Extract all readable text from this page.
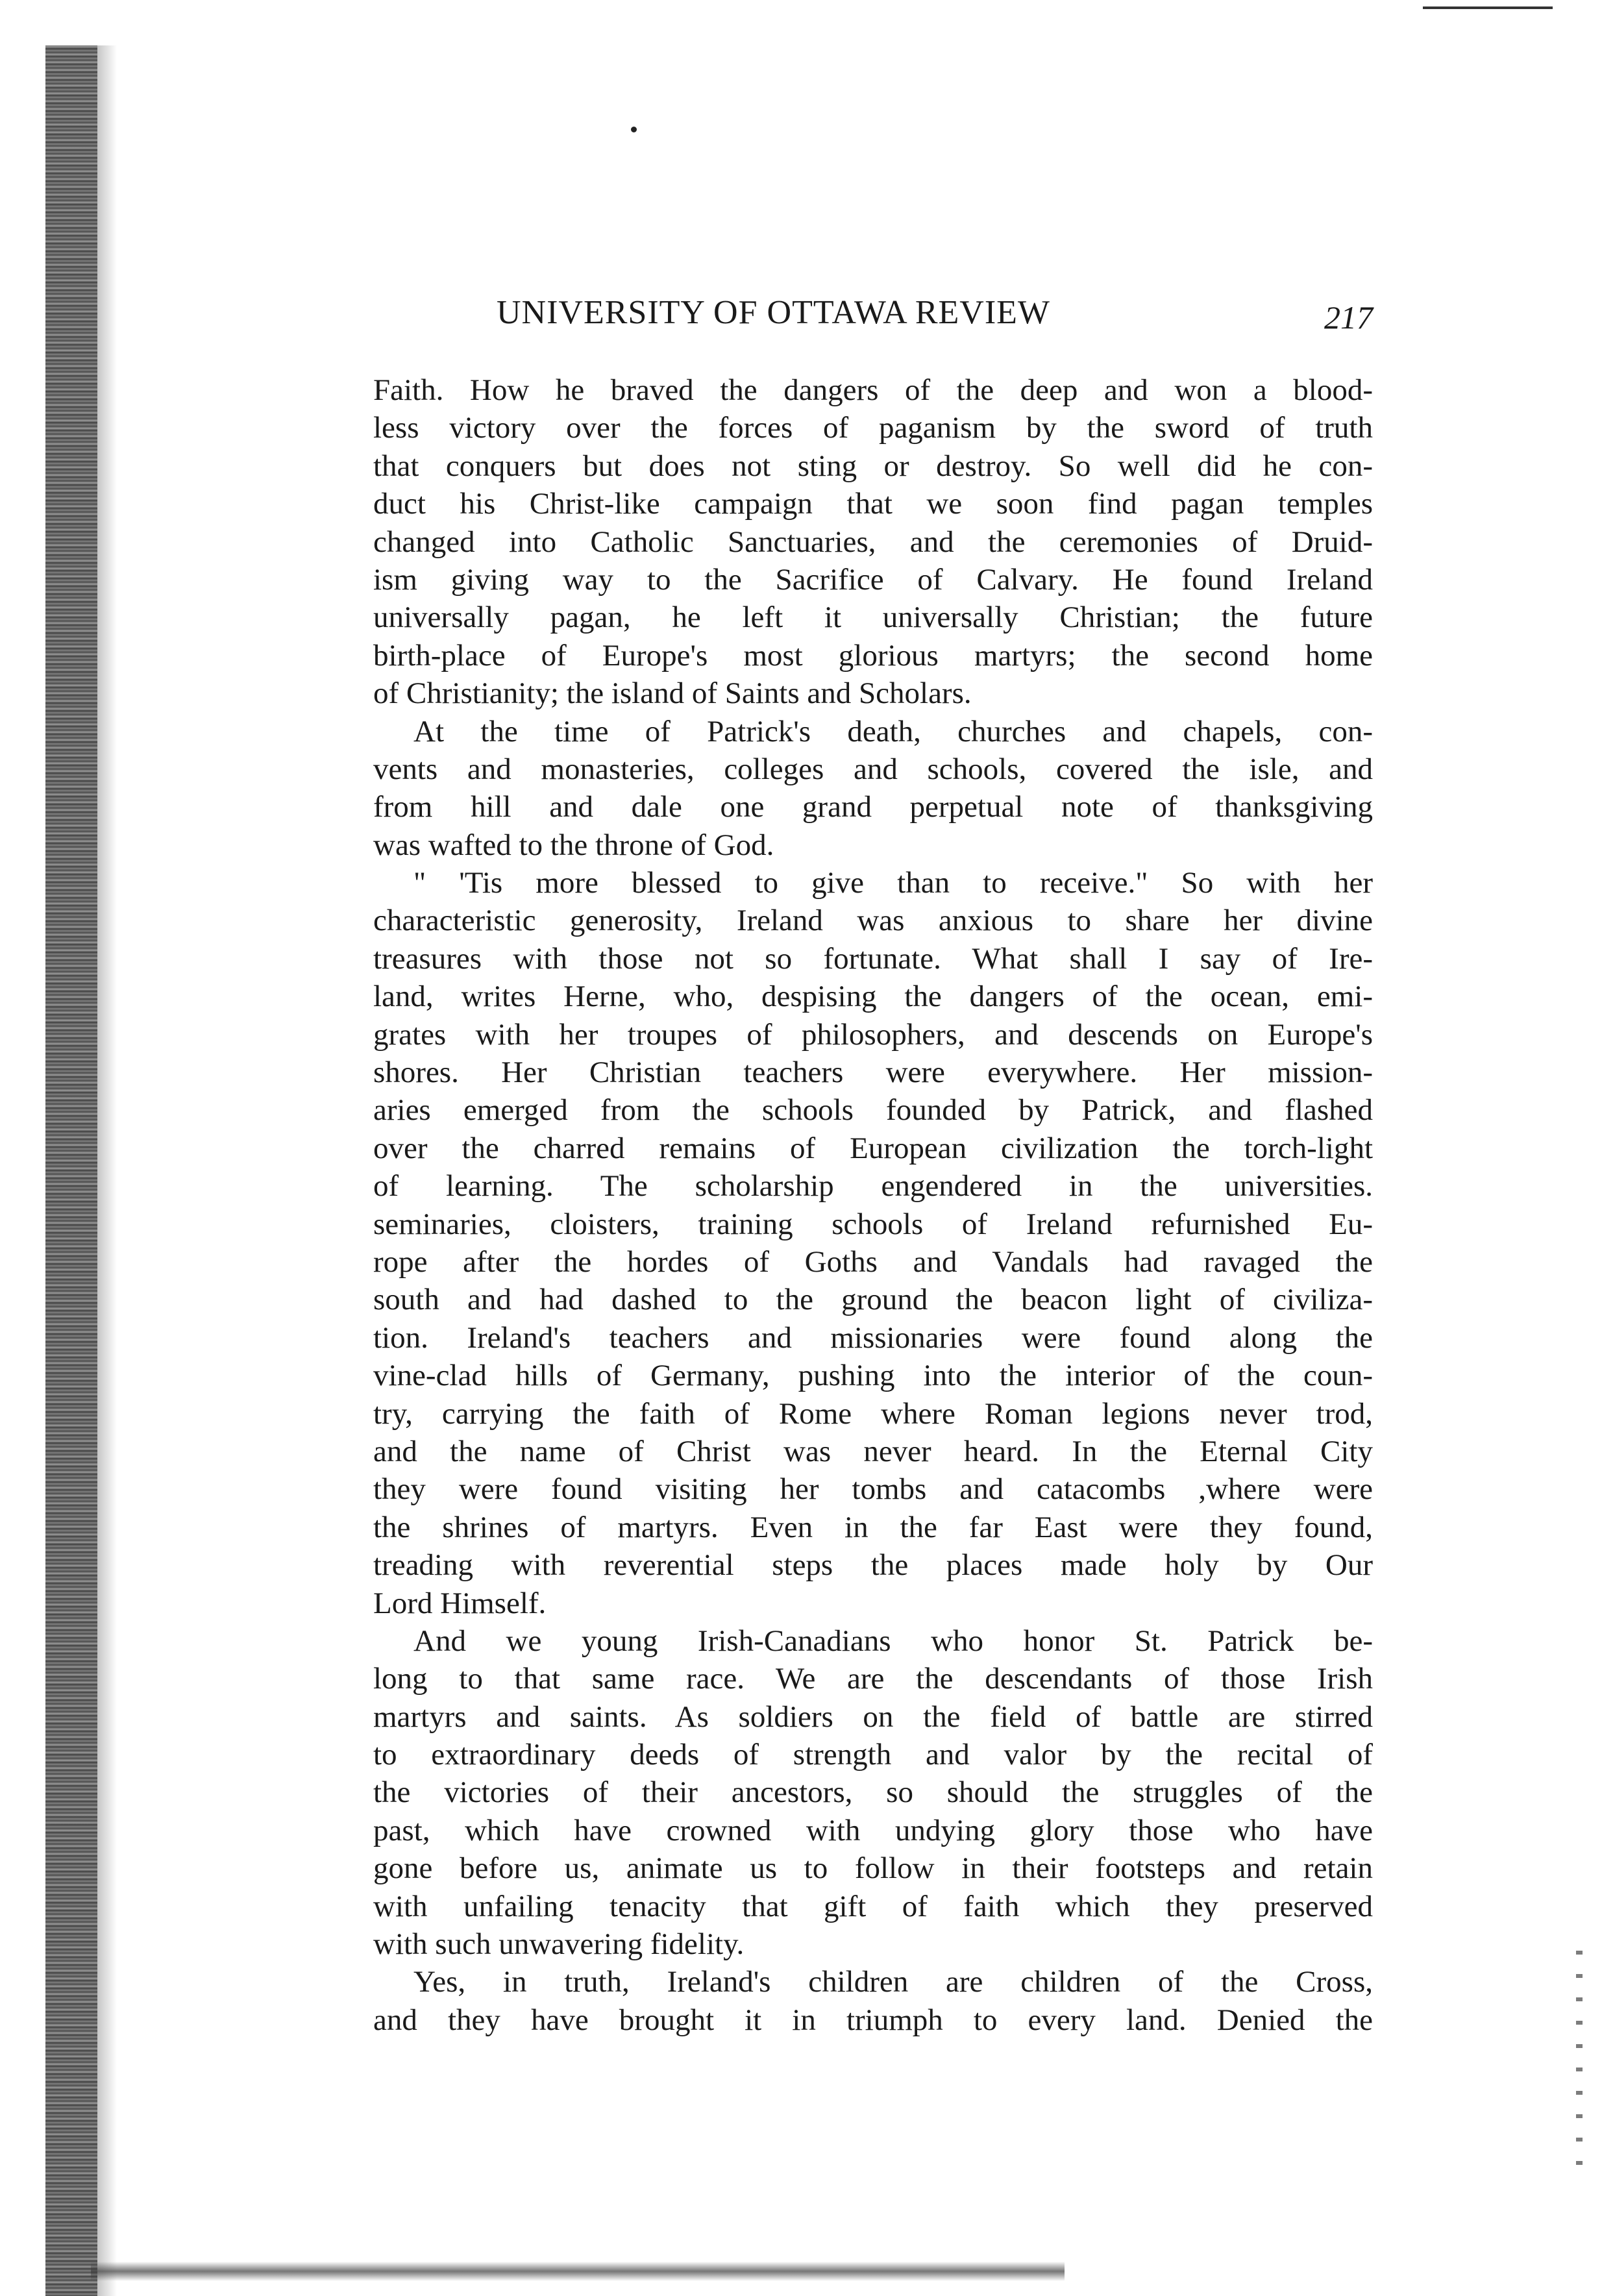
UNIVERSITY OF OTTAWA REVIEW	217
Faith. How he braved the dangers of the deep and won a blood-
less victory over the forces of paganism by the sword of truth
that conquers but does not sting or destroy. So well did he con-
duct his Christ-like campaign that we soon find pagan temples
changed into Catholic Sanctuaries, and the ceremonies of Druid-
ism giving way to the Sacrifice of Calvary. He found Ireland
universally pagan, he left it universally Christian; the future
birth-place of Europe's most glorious martyrs; the second home
of Christianity; the island of Saints and Scholars.
At the time of Patrick's death, churches and chapels, con-
vents and monasteries, colleges and schools, covered the isle, and
from hill and dale one grand perpetual note of thanksgiving
was wafted to the throne of God.
" 'Tis more blessed to give than to receive." So with her
characteristic generosity, Ireland was anxious to share her divine
treasures with those not so fortunate. What shall I say of Ire-
land, writes Herne, who, despising the dangers of the ocean, emi-
grates with her troupes of philosophers, and descends on Europe's
shores. Her Christian teachers were everywhere. Her mission-
aries emerged from the schools founded by Patrick, and flashed
over the charred remains of European civilization the torch-light
of learning. The scholarship engendered in the universities.
seminaries, cloisters, training schools of Ireland refurnished Eu-
rope after the hordes of Goths and Vandals had ravaged the
south and had dashed to the ground the beacon light of civiliza-
tion. Ireland's teachers and missionaries were found along the
vine-clad hills of Germany, pushing into the interior of the coun-
try, carrying the faith of Rome where Roman legions never trod,
and the name of Christ was never heard. In the Eternal City
they were found visiting her tombs and catacombs ,where were
the shrines of martyrs. Even in the far East were they found,
treading with reverential steps the places made holy by Our
Lord Himself.
And we young Irish-Canadians who honor St. Patrick be-
long to that same race. We are the descendants of those Irish
martyrs and saints. As soldiers on the field of battle are stirred
to extraordinary deeds of strength and valor by the recital of
the victories of their ancestors, so should the struggles of the
past, which have crowned with undying glory those who have
gone before us, animate us to follow in their footsteps and retain
with unfailing tenacity that gift of faith which they preserved
with such unwavering fidelity.
Yes, in truth, Ireland's children are children of the Cross,
and they have brought it in triumph to every land. Denied the
